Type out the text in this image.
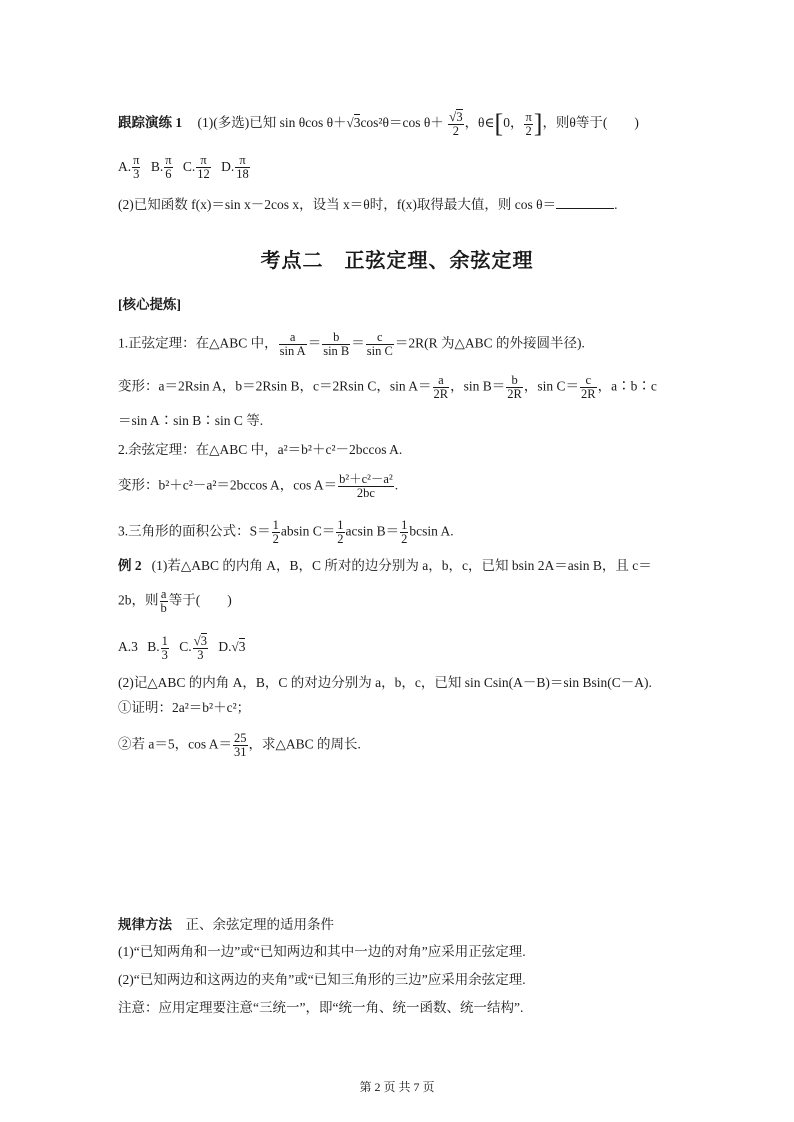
跟踪演练 1 (1)(多选)已知 sin θcos θ＋√3cos²θ＝cos $\theta+ \frac{√3}{2}$ ，θ∈[0， $\frac{\pi}{2}$ ]，则θ等于(　　)
A. $\frac{\pi}{3} B$. $\frac{\pi}{6} C$. $\frac{\pi}{12} D$. $\frac{\pi}{18}$
(2)已知函数 f(x)＝sin x－2cos x，设当 x＝θ时，f(x)取得最大值，则 cos θ＝	.
考点二　正弦定理、余弦定理
[核心提炼]
1.正弦定理：在△ABC 中， $\frac{a}{\text{sin A}} = \frac{b}{\text{sin B}} = \frac{c}{\text{sin C}} =2R(R$ 为△ABC 的外接圆半径).
变形：a＝2Rsin A，b＝2Rsin B，c＝2Rsin C，$\sin A= \frac{a}{2R}$ ，$\sin B= \frac{b}{2R}$ ，$\sin C= \frac{c}{2R}$ ，a∶b∶c
＝sin A∶sin B∶sin C 等.
2.余弦定理：在△ABC 中，a²＝b²＋c²－2bccos A.
变形：b²＋c²－a²＝2bccos A，$\cos A= \frac{\text{b²＋c²－a²}}{2bc}$ .
3.三角形的面积公式：$S= \frac{1}{2}$ absin $C= \frac{1}{2}$ acsin $B= \frac{1}{2}$ bcsin A.
例 2 (1)若△ABC 的内角 A，B，C 所对的边分别为 a，b，c，已知 bsin 2A＝asin B，且 c＝
2b，则 $\frac{a}{b}$ 等于(　　)
A.3 B. $\frac{1}{3} C$. $\frac{√3}{3} D.√3$
(2)记△ABC 的内角 A，B，C 的对边分别为 a，b，c，已知 sin Csin(A－B)＝sin Bsin(C－A).
①证明：2a²＝b²＋c²；
②若 a＝5，$\cos A= \frac{25}{31}$ ，求△ABC 的周长.
规律方法　正、余弦定理的适用条件
(1)“已知两角和一边”或“已知两边和其中一边的对角”应采用正弦定理.
(2)“已知两边和这两边的夹角”或“已知三角形的三边”应采用余弦定理.
注意：应用定理要注意“三统一”，即“统一角、统一函数、统一结构”.
第 2 页 共 7 页
